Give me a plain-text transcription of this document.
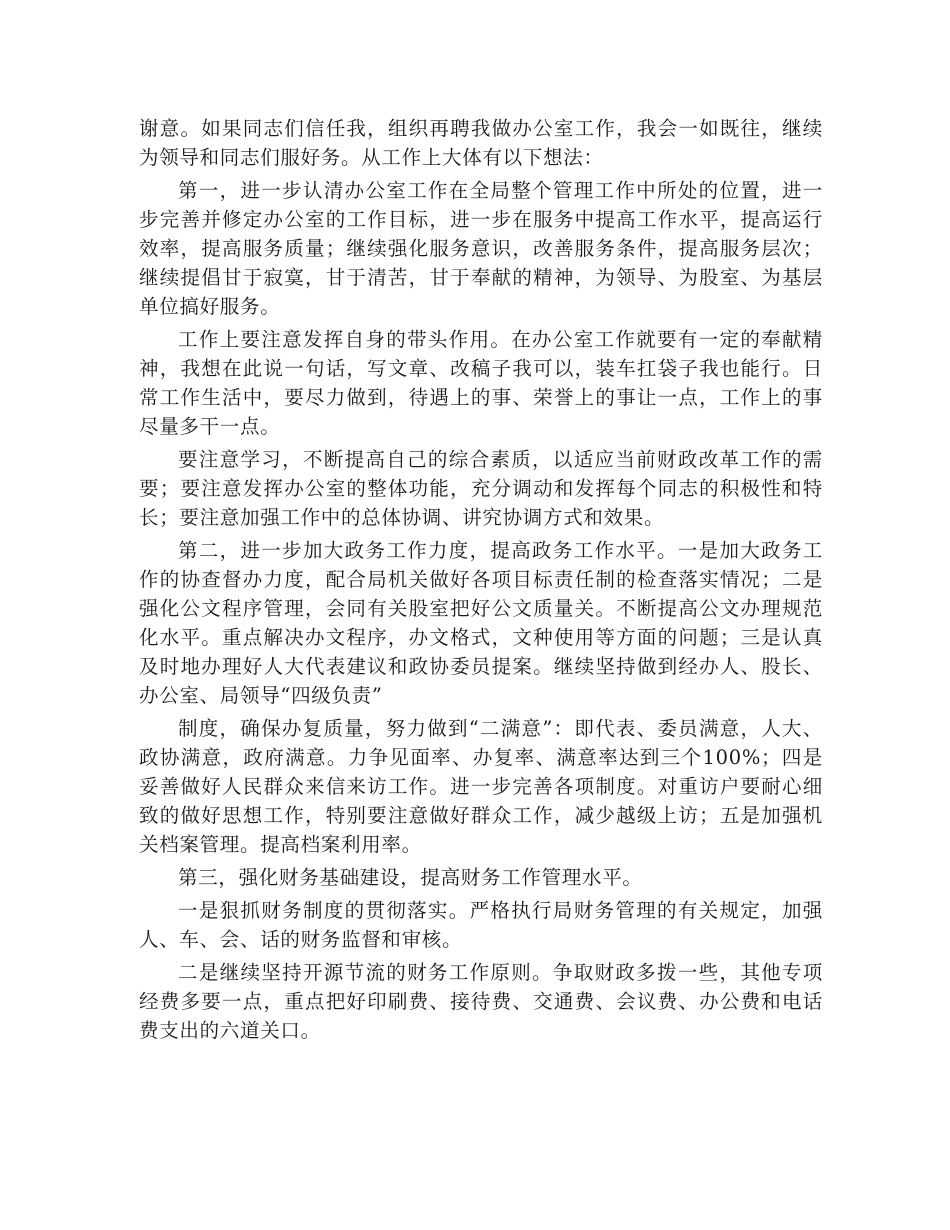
谢意。如果同志们信任我，组织再聘我做办公室工作，我会一如既往，继续为领导和同志们服好务。从工作上大体有以下想法：

第一，进一步认清办公室工作在全局整个管理工作中所处的位置，进一步完善并修定办公室的工作目标，进一步在服务中提高工作水平，提高运行效率，提高服务质量；继续强化服务意识，改善服务条件，提高服务层次；继续提倡甘于寂寞，甘于清苦，甘于奉献的精神，为领导、为股室、为基层单位搞好服务。

工作上要注意发挥自身的带头作用。在办公室工作就要有一定的奉献精神，我想在此说一句话，写文章、改稿子我可以，装车扛袋子我也能行。日常工作生活中，要尽力做到，待遇上的事、荣誉上的事让一点，工作上的事尽量多干一点。

要注意学习，不断提高自己的综合素质，以适应当前财政改革工作的需要；要注意发挥办公室的整体功能，充分调动和发挥每个同志的积极性和特长；要注意加强工作中的总体协调、讲究协调方式和效果。

第二，进一步加大政务工作力度，提高政务工作水平。一是加大政务工作的协查督办力度，配合局机关做好各项目标责任制的检查落实情况；二是强化公文程序管理，会同有关股室把好公文质量关。不断提高公文办理规范化水平。重点解决办文程序，办文格式，文种使用等方面的问题；三是认真及时地办理好人大代表建议和政协委员提案。继续坚持做到经办人、股长、办公室、局领导“四级负责”

制度，确保办复质量，努力做到“二满意”：即代表、委员满意，人大、政协满意，政府满意。力争见面率、办复率、满意率达到三个100%；四是妥善做好人民群众来信来访工作。进一步完善各项制度。对重访户要耐心细致的做好思想工作，特别要注意做好群众工作，减少越级上访；五是加强机关档案管理。提高档案利用率。

第三，强化财务基础建设，提高财务工作管理水平。

一是狠抓财务制度的贯彻落实。严格执行局财务管理的有关规定，加强人、车、会、话的财务监督和审核。

二是继续坚持开源节流的财务工作原则。争取财政多拨一些，其他专项经费多要一点，重点把好印刷费、接待费、交通费、会议费、办公费和电话费支出的六道关口。
